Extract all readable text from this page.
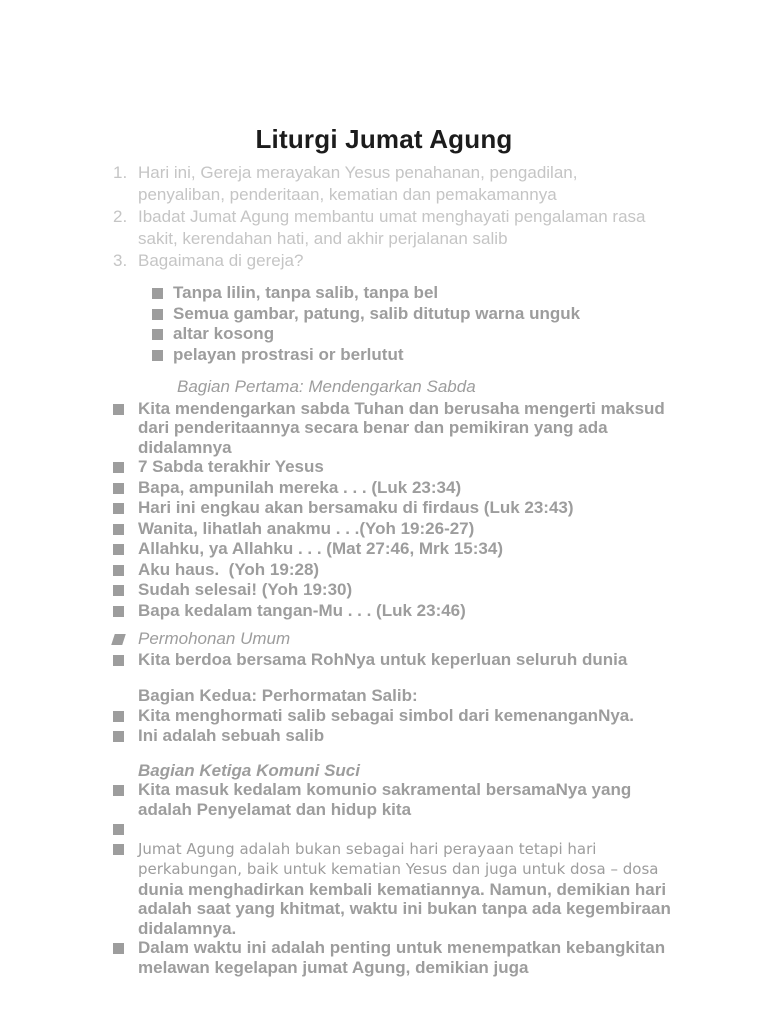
Liturgi Jumat Agung
1. Hari ini, Gereja merayakan Yesus penahanan, pengadilan, penyaliban, penderitaan, kematian dan pemakamannya
2. Ibadat Jumat Agung membantu umat menghayati pengalaman rasa sakit, kerendahan hati, and akhir perjalanan salib
3. Bagaimana di gereja?
Tanpa lilin, tanpa salib, tanpa bel
Semua gambar, patung, salib ditutup warna unguk
altar kosong
pelayan prostrasi or berlutut
Bagian Pertama: Mendengarkan Sabda
Kita mendengarkan sabda Tuhan dan berusaha mengerti maksud dari penderitaannya secara benar dan pemikiran yang ada didalamnya
7 Sabda terakhir Yesus
Bapa, ampunilah mereka . . . (Luk 23:34)
Hari ini engkau akan bersamaku di firdaus (Luk 23:43)
Wanita, lihatlah anakmu . . .(Yoh 19:26-27)
Allahku, ya Allahku . . . (Mat 27:46, Mrk 15:34)
Aku haus.  (Yoh 19:28)
Sudah selesai! (Yoh 19:30)
Bapa kedalam tangan-Mu . . . (Luk 23:46)
Permohonan Umum
Kita berdoa bersama RohNya untuk keperluan seluruh dunia
Bagian Kedua: Perhormatan Salib:
Kita menghormati salib sebagai simbol dari kemenanganNya.
Ini adalah sebuah salib
Bagian Ketiga Komuni Suci
Kita masuk kedalam komunio sakramental bersamaNya yang adalah Penyelamat dan hidup kita
Jumat Agung adalah bukan sebagai hari perayaan tetapi hari perkabungan, baik untuk kematian Yesus dan juga untuk dosa – dosa dunia menghadirkan kembali kematiannya. Namun, demikian hari adalah saat yang khitmat, waktu ini bukan tanpa ada kegembiraan didalamnya.
Dalam waktu ini adalah penting untuk menempatkan kebangkitan melawan kegelapan jumat Agung, demikian juga
